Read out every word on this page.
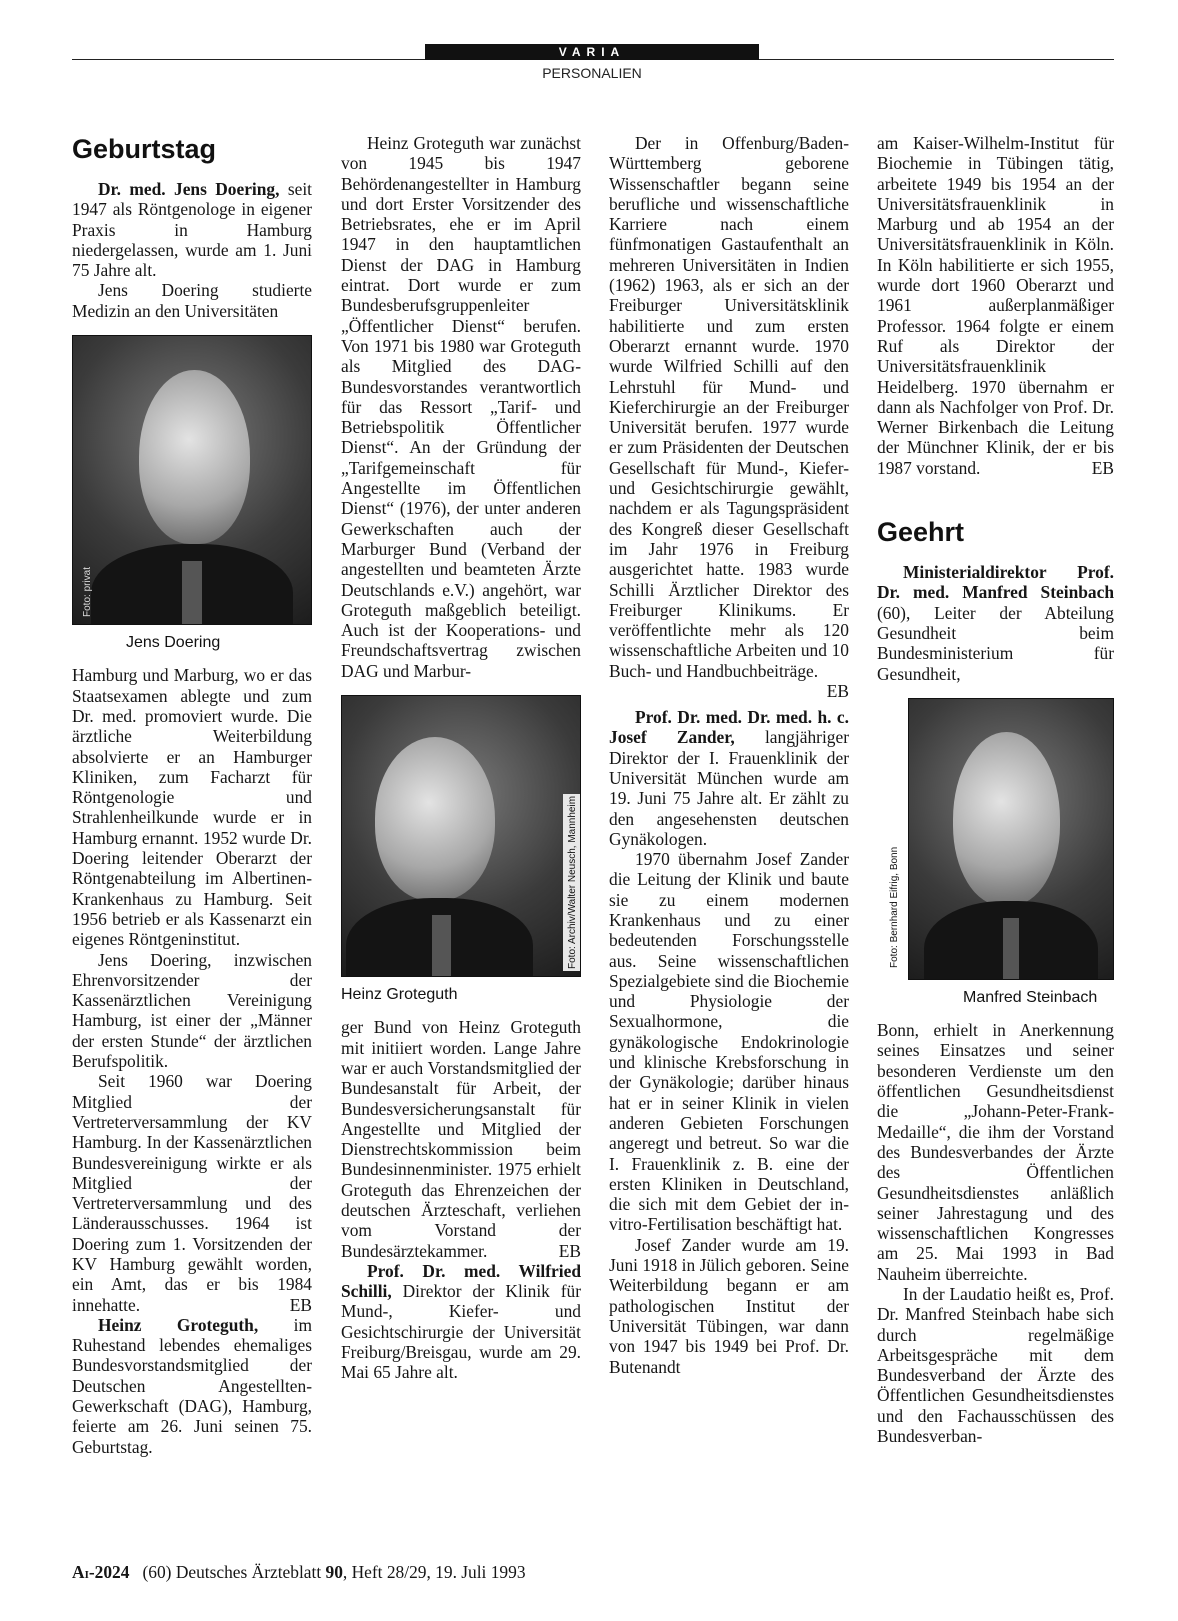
VARIA
PERSONALIEN
Geburtstag

Dr. med. Jens Doering, seit 1947 als Röntgenologe in eigener Praxis in Hamburg niedergelassen, wurde am 1. Juni 75 Jahre alt.

Jens Doering studierte Medizin an den Universitäten

Foto: privat
Jens Doering

Hamburg und Marburg, wo er das Staatsexamen ablegte und zum Dr. med. promoviert wurde. Die ärztliche Weiterbildung absolvierte er an Hamburger Kliniken, zum Facharzt für Röntgenologie und Strahlenheilkunde wurde er in Hamburg ernannt. 1952 wurde Dr. Doering leitender Oberarzt der Röntgenabteilung im Albertinen-Krankenhaus zu Hamburg. Seit 1956 betrieb er als Kassenarzt ein eigenes Röntgeninstitut.

Jens Doering, inzwischen Ehrenvorsitzender der Kassenärztlichen Vereinigung Hamburg, ist einer der „Männer der ersten Stunde“ der ärztlichen Berufspolitik.

Seit 1960 war Doering Mitglied der Vertreterversammlung der KV Hamburg. In der Kassenärztlichen Bundesvereinigung wirkte er als Mitglied der Vertreterversammlung und des Länderausschusses. 1964 ist Doering zum 1. Vorsitzenden der KV Hamburg gewählt worden, ein Amt, das er bis 1984 innehatte.	EB

Heinz Groteguth, im Ruhestand lebendes ehemaliges Bundesvorstandsmitglied der Deutschen Angestellten-Gewerkschaft (DAG), Hamburg, feierte am 26. Juni seinen 75. Geburtstag.

Heinz Groteguth war zunächst von 1945 bis 1947 Behördenangestellter in Hamburg und dort Erster Vorsitzender des Betriebsrates, ehe er im April 1947 in den hauptamtlichen Dienst der DAG in Hamburg eintrat. Dort wurde er zum Bundesberufsgruppenleiter „Öffentlicher Dienst“ berufen. Von 1971 bis 1980 war Groteguth als Mitglied des DAG-Bundesvorstandes verantwortlich für das Ressort „Tarif- und Betriebspolitik Öffentlicher Dienst“. An der Gründung der „Tarifgemeinschaft für Angestellte im Öffentlichen Dienst“ (1976), der unter anderen Gewerkschaften auch der Marburger Bund (Verband der angestellten und beamteten Ärzte Deutschlands e.V.) angehört, war Groteguth maßgeblich beteiligt. Auch ist der Kooperations- und Freundschaftsvertrag zwischen DAG und Marbur-

Foto: Archiv/Walter Neusch, Mannheim
Heinz Groteguth

ger Bund von Heinz Groteguth mit initiiert worden. Lange Jahre war er auch Vorstandsmitglied der Bundesanstalt für Arbeit, der Bundesversicherungsanstalt für Angestellte und Mitglied der Dienstrechtskommission beim Bundesinnenminister. 1975 erhielt Groteguth das Ehrenzeichen der deutschen Ärzteschaft, verliehen vom Vorstand der Bundesärztekammer.	EB

Prof. Dr. med. Wilfried Schilli, Direktor der Klinik für Mund-, Kiefer- und Gesichtschirurgie der Universität Freiburg/Breisgau, wurde am 29. Mai 65 Jahre alt.

Der in Offenburg/Baden-Württemberg geborene Wissenschaftler begann seine berufliche und wissenschaftliche Karriere nach einem fünfmonatigen Gastaufenthalt an mehreren Universitäten in Indien (1962) 1963, als er sich an der Freiburger Universitätsklinik habilitierte und zum ersten Oberarzt ernannt wurde. 1970 wurde Wilfried Schilli auf den Lehrstuhl für Mund- und Kieferchirurgie an der Freiburger Universität berufen. 1977 wurde er zum Präsidenten der Deutschen Gesellschaft für Mund-, Kiefer- und Gesichtschirurgie gewählt, nachdem er als Tagungspräsident des Kongreß dieser Gesellschaft im Jahr 1976 in Freiburg ausgerichtet hatte. 1983 wurde Schilli Ärztlicher Direktor des Freiburger Klinikums. Er veröffentlichte mehr als 120 wissenschaftliche Arbeiten und 10 Buch- und Handbuchbeiträge.
EB

Prof. Dr. med. Dr. med. h. c. Josef Zander, langjähriger Direktor der I. Frauenklinik der Universität München wurde am 19. Juni 75 Jahre alt. Er zählt zu den angesehensten deutschen Gynäkologen.

1970 übernahm Josef Zander die Leitung der Klinik und baute sie zu einem modernen Krankenhaus und zu einer bedeutenden Forschungsstelle aus. Seine wissenschaftlichen Spezialgebiete sind die Biochemie und Physiologie der Sexualhormone, die gynäkologische Endokrinologie und klinische Krebsforschung in der Gynäkologie; darüber hinaus hat er in seiner Klinik in vielen anderen Gebieten Forschungen angeregt und betreut. So war die I. Frauenklinik z. B. eine der ersten Kliniken in Deutschland, die sich mit dem Gebiet der in-vitro-Fertilisation beschäftigt hat.

Josef Zander wurde am 19. Juni 1918 in Jülich geboren. Seine Weiterbildung begann er am pathologischen Institut der Universität Tübingen, war dann von 1947 bis 1949 bei Prof. Dr. Butenandt

am Kaiser-Wilhelm-Institut für Biochemie in Tübingen tätig, arbeitete 1949 bis 1954 an der Universitätsfrauenklinik in Marburg und ab 1954 an der Universitätsfrauenklinik in Köln. In Köln habilitierte er sich 1955, wurde dort 1960 Oberarzt und 1961 außerplanmäßiger Professor. 1964 folgte er einem Ruf als Direktor der Universitätsfrauenklinik Heidelberg. 1970 übernahm er dann als Nachfolger von Prof. Dr. Werner Birkenbach die Leitung der Münchner Klinik, der er bis 1987 vorstand.	EB

Geehrt

Ministerialdirektor Prof. Dr. med. Manfred Steinbach (60), Leiter der Abteilung Gesundheit beim Bundesministerium für Gesundheit,

Foto: Bernhard Eifrig, Bonn
Manfred Steinbach

Bonn, erhielt in Anerkennung seines Einsatzes und seiner besonderen Verdienste um den öffentlichen Gesundheitsdienst die „Johann-Peter-Frank-Medaille“, die ihm der Vorstand des Bundesverbandes der Ärzte des Öffentlichen Gesundheitsdienstes anläßlich seiner Jahrestagung und des wissenschaftlichen Kongresses am 25. Mai 1993 in Bad Nauheim überreichte.

In der Laudatio heißt es, Prof. Dr. Manfred Steinbach habe sich durch regelmäßige Arbeitsgespräche mit dem Bundesverband der Ärzte des Öffentlichen Gesundheitsdienstes und den Fachausschüssen des Bundesverban-

AI-2024 (60) Deutsches Ärzteblatt 90, Heft 28/29, 19. Juli 1993
